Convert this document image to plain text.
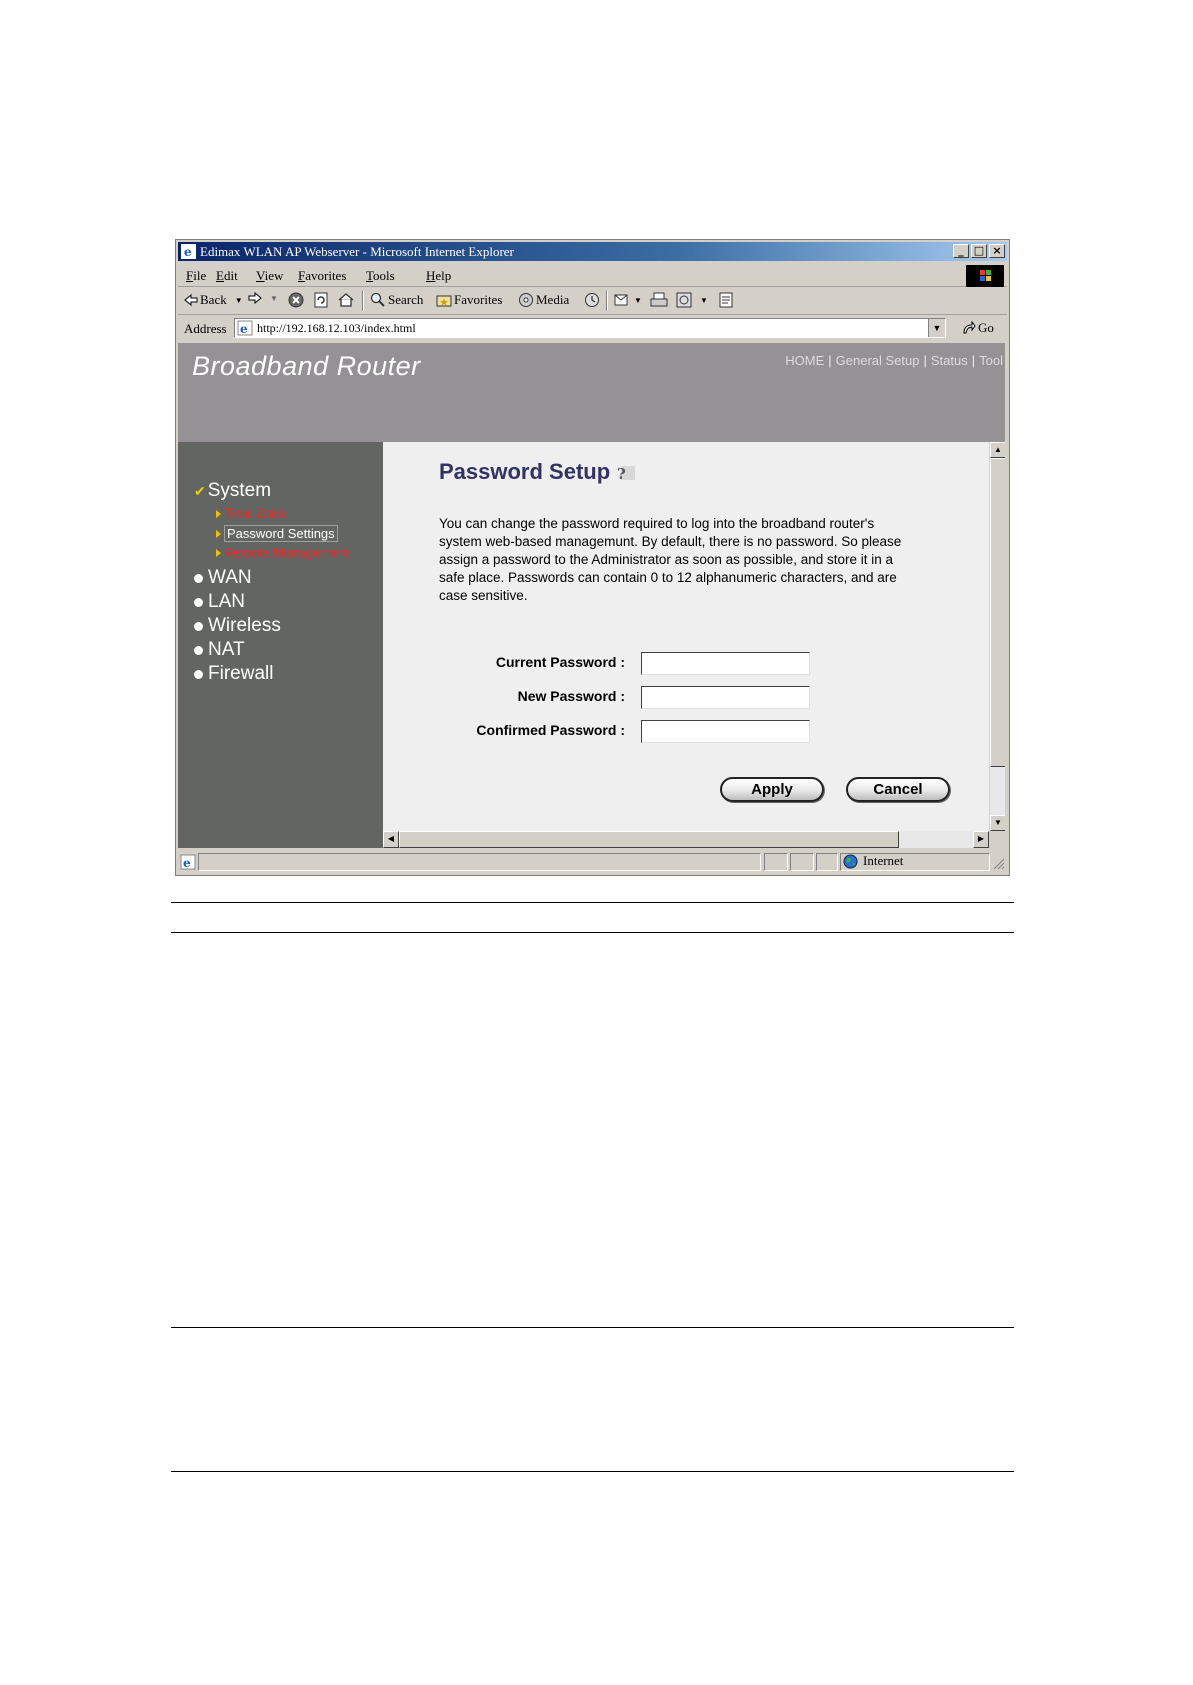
e Edimax WLAN AP Webserver - Microsoft Internet Explorer	_ □ ×
File Edit View Favorites Tools Help
Back ▼	▼	Search Favorites	Media	▼	▼
Address e http://192.168.12.103/index.html	▼	Go
Broadband Router	HOME | General Setup | Status | Tool
✔ System
Time Zone
Password Settings
Remote Management
WAN
LAN
Wireless
NAT
Firewall
Password Setup ?
You can change the password required to log into the broadband router's system web-based managemunt. By default, there is no password. So please assign a password to the Administrator as soon as possible, and store it in a safe place. Passwords can contain 0 to 12 alphanumeric characters, and are case sensitive.
Current Password :
New Password :
Confirmed Password :
Apply	Cancel
▲
▼
◀	▶
e	Internet
